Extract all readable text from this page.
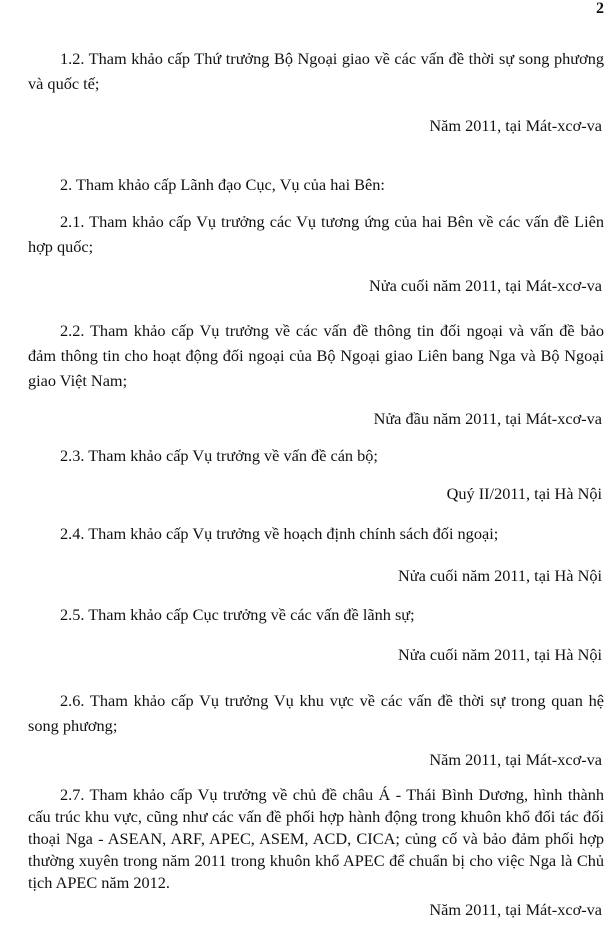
2

1.2. Tham khảo cấp Thứ trưởng Bộ Ngoại giao về các vấn đề thời sự song phương và quốc tế;

Năm 2011, tại Mát-xcơ-va

2. Tham khảo cấp Lãnh đạo Cục, Vụ của hai Bên:

2.1. Tham khảo cấp Vụ trưởng các Vụ tương ứng của hai Bên về các vấn đề Liên hợp quốc;

Nửa cuối năm 2011, tại Mát-xcơ-va

2.2. Tham khảo cấp Vụ trưởng về các vấn đề thông tin đối ngoại và vấn đề bảo đảm thông tin cho hoạt động đối ngoại của Bộ Ngoại giao Liên bang Nga và Bộ Ngoại giao Việt Nam;

Nửa đầu năm 2011, tại Mát-xcơ-va

2.3. Tham khảo cấp Vụ trưởng về vấn đề cán bộ;

Quý II/2011, tại Hà Nội

2.4. Tham khảo cấp Vụ trưởng về hoạch định chính sách đối ngoại;

Nửa cuối năm 2011, tại Hà Nội

2.5. Tham khảo cấp Cục trưởng về các vấn đề lãnh sự;

Nửa cuối năm 2011, tại Hà Nội

2.6. Tham khảo cấp Vụ trưởng Vụ khu vực về các vấn đề thời sự trong quan hệ song phương;

Năm 2011, tại Mát-xcơ-va

2.7. Tham khảo cấp Vụ trưởng về chủ đề châu Á - Thái Bình Dương, hình thành cấu trúc khu vực, cũng như các vấn đề phối hợp hành động trong khuôn khổ đối tác đối thoại Nga - ASEAN, ARF, APEC, ASEM, ACD, CICA; củng cố và bảo đảm phối hợp thường xuyên trong năm 2011 trong khuôn khổ APEC để chuẩn bị cho việc Nga là Chủ tịch APEC năm 2012.

Năm 2011, tại Mát-xcơ-va
